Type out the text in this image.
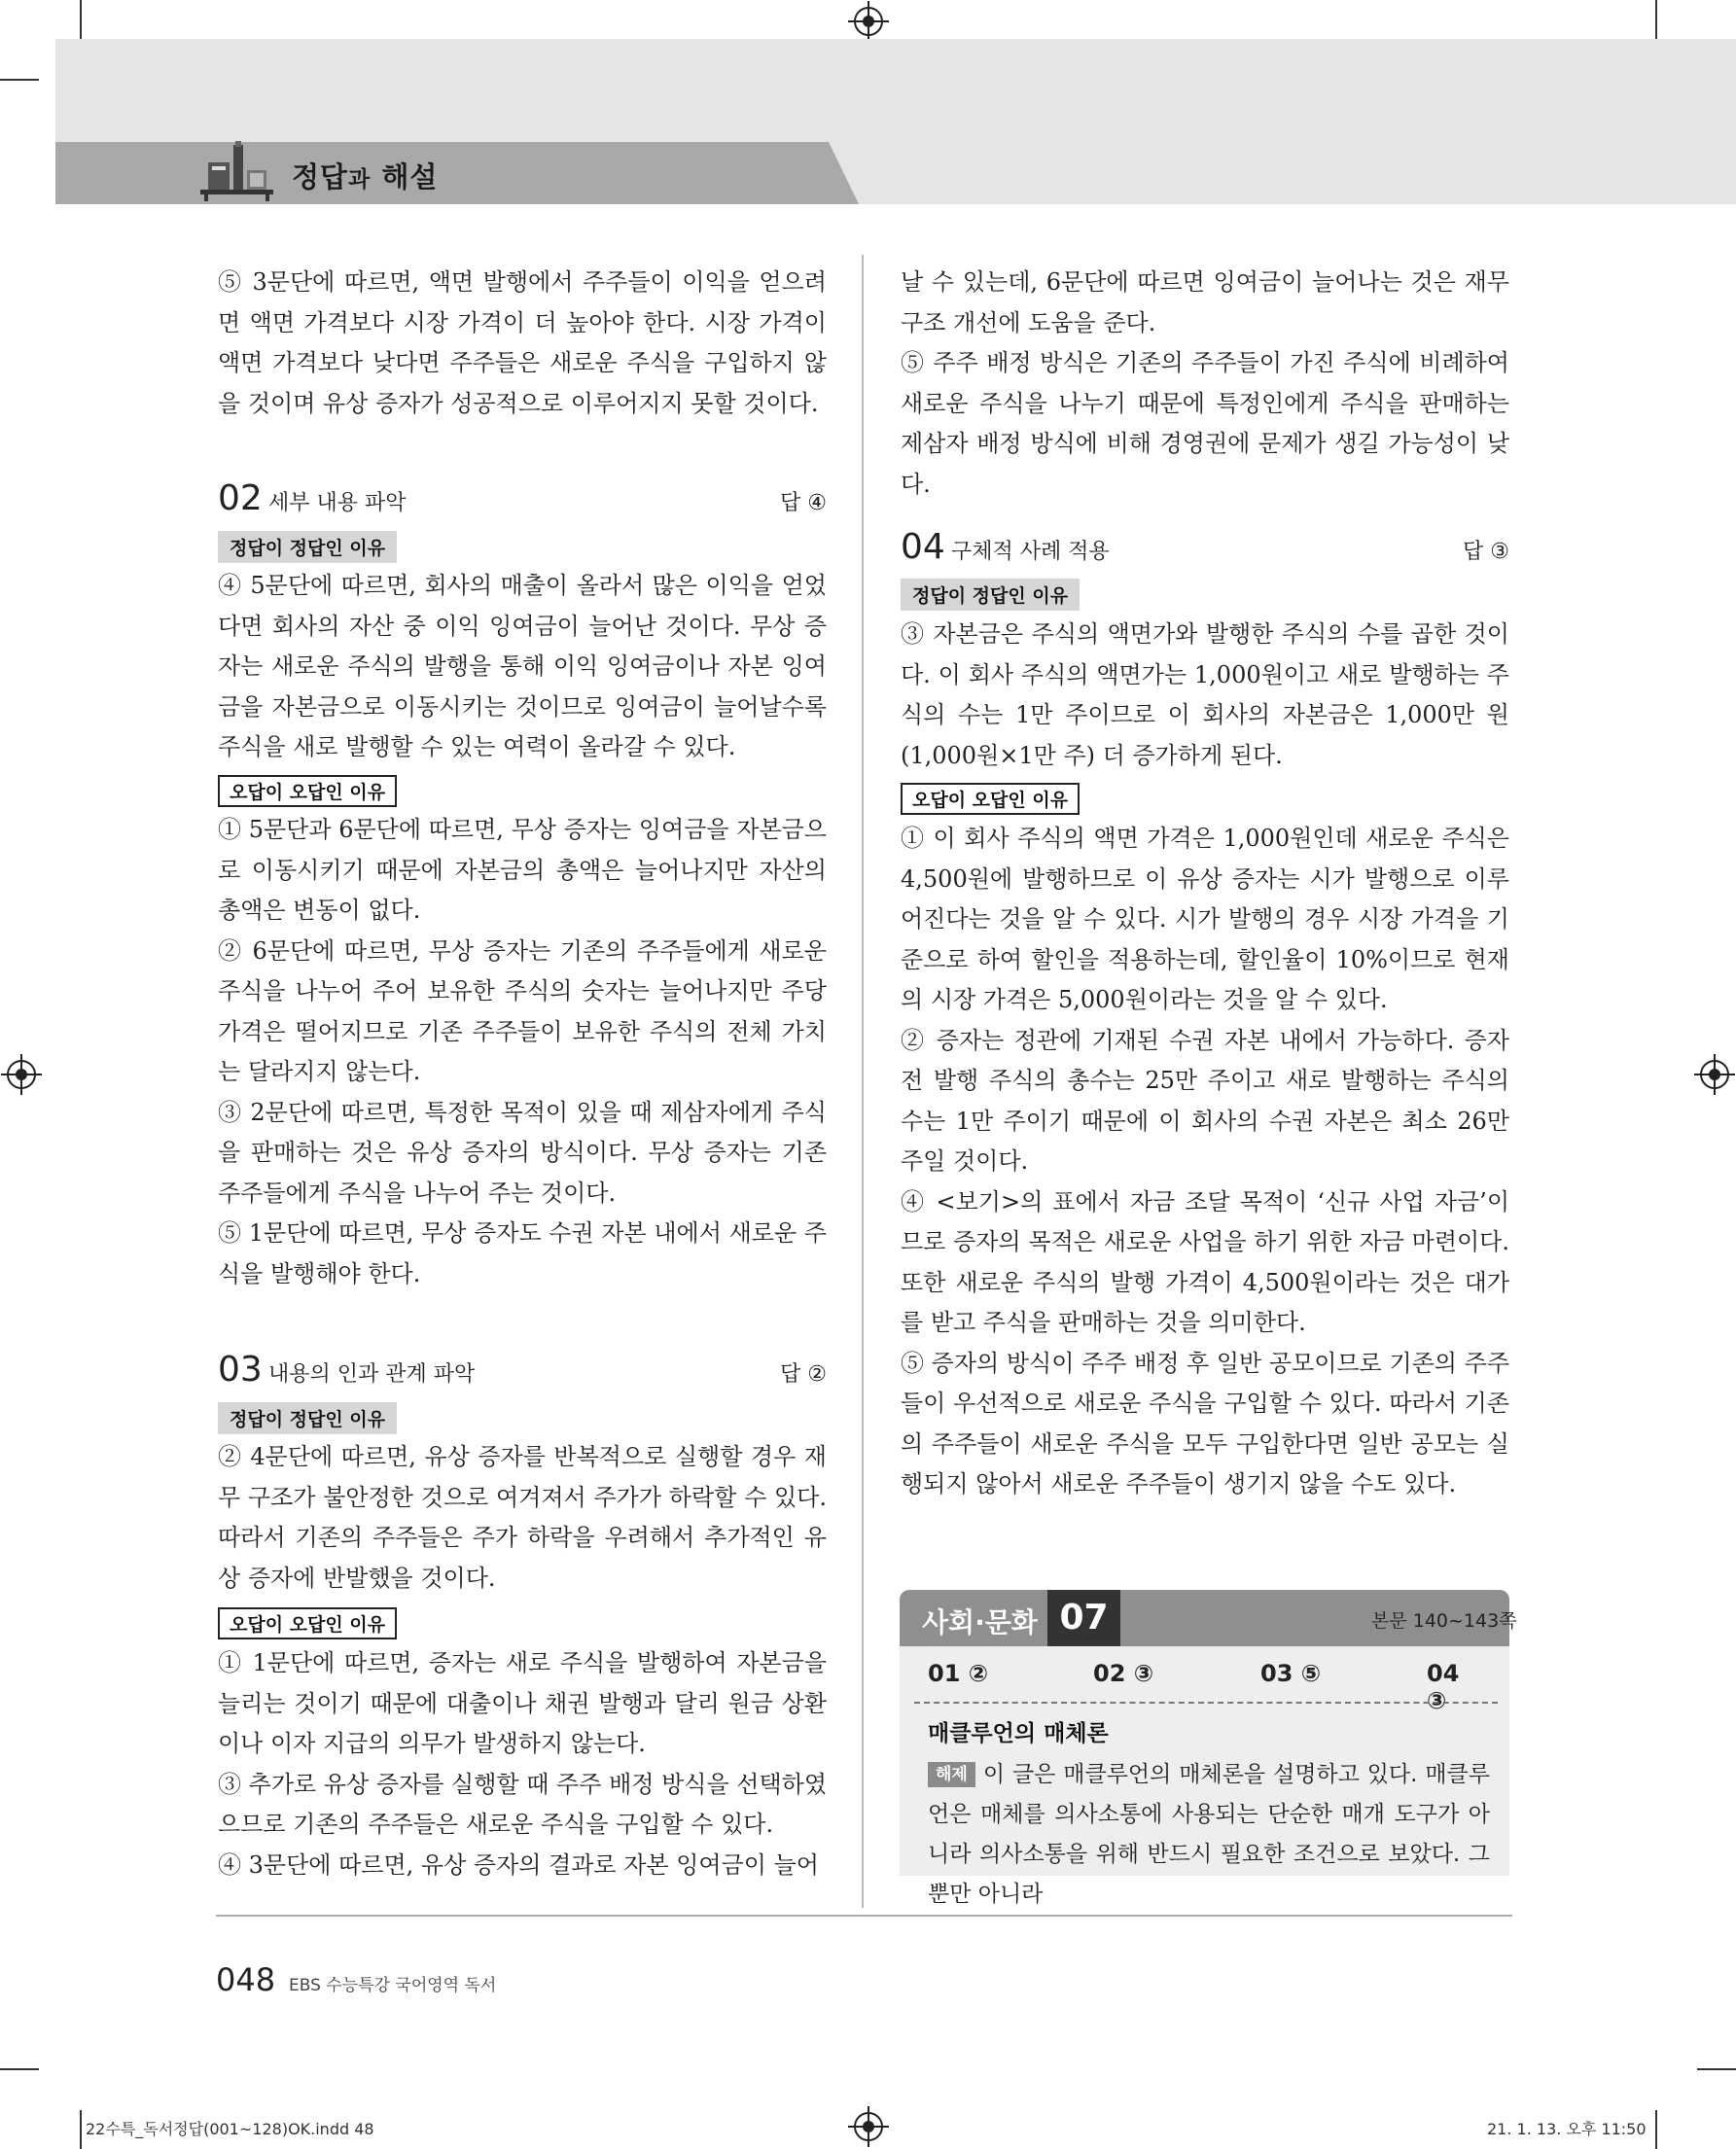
정답과 해설

⑤ 3문단에 따르면, 액면 발행에서 주주들이 이익을 얻으려면 액면 가격보다 시장 가격이 더 높아야 한다. 시장 가격이 액면 가격보다 낮다면 주주들은 새로운 주식을 구입하지 않을 것이며 유상 증자가 성공적으로 이루어지지 못할 것이다.

02 세부 내용 파악	답 ④
정답이 정답인 이유

④ 5문단에 따르면, 회사의 매출이 올라서 많은 이익을 얻었다면 회사의 자산 중 이익 잉여금이 늘어난 것이다. 무상 증자는 새로운 주식의 발행을 통해 이익 잉여금이나 자본 잉여금을 자본금으로 이동시키는 것이므로 잉여금이 늘어날수록 주식을 새로 발행할 수 있는 여력이 올라갈 수 있다.

오답이 오답인 이유

① 5문단과 6문단에 따르면, 무상 증자는 잉여금을 자본금으로 이동시키기 때문에 자본금의 총액은 늘어나지만 자산의 총액은 변동이 없다.

② 6문단에 따르면, 무상 증자는 기존의 주주들에게 새로운 주식을 나누어 주어 보유한 주식의 숫자는 늘어나지만 주당 가격은 떨어지므로 기존 주주들이 보유한 주식의 전체 가치는 달라지지 않는다.

③ 2문단에 따르면, 특정한 목적이 있을 때 제삼자에게 주식을 판매하는 것은 유상 증자의 방식이다. 무상 증자는 기존 주주들에게 주식을 나누어 주는 것이다.

⑤ 1문단에 따르면, 무상 증자도 수권 자본 내에서 새로운 주식을 발행해야 한다.

03 내용의 인과 관계 파악	답 ②
정답이 정답인 이유

② 4문단에 따르면, 유상 증자를 반복적으로 실행할 경우 재무 구조가 불안정한 것으로 여겨져서 주가가 하락할 수 있다. 따라서 기존의 주주들은 주가 하락을 우려해서 추가적인 유상 증자에 반발했을 것이다.

오답이 오답인 이유

① 1문단에 따르면, 증자는 새로 주식을 발행하여 자본금을 늘리는 것이기 때문에 대출이나 채권 발행과 달리 원금 상환이나 이자 지급의 의무가 발생하지 않는다.

③ 추가로 유상 증자를 실행할 때 주주 배정 방식을 선택하였으므로 기존의 주주들은 새로운 주식을 구입할 수 있다.

④ 3문단에 따르면, 유상 증자의 결과로 자본 잉여금이 늘어

날 수 있는데, 6문단에 따르면 잉여금이 늘어나는 것은 재무 구조 개선에 도움을 준다.

⑤ 주주 배정 방식은 기존의 주주들이 가진 주식에 비례하여 새로운 주식을 나누기 때문에 특정인에게 주식을 판매하는 제삼자 배정 방식에 비해 경영권에 문제가 생길 가능성이 낮다.

04 구체적 사례 적용	답 ③
정답이 정답인 이유

③ 자본금은 주식의 액면가와 발행한 주식의 수를 곱한 것이다. 이 회사 주식의 액면가는 1,000원이고 새로 발행하는 주식의 수는 1만 주이므로 이 회사의 자본금은 1,000만 원(1,000원×1만 주) 더 증가하게 된다.

오답이 오답인 이유

① 이 회사 주식의 액면 가격은 1,000원인데 새로운 주식은 4,500원에 발행하므로 이 유상 증자는 시가 발행으로 이루어진다는 것을 알 수 있다. 시가 발행의 경우 시장 가격을 기준으로 하여 할인을 적용하는데, 할인율이 10%이므로 현재의 시장 가격은 5,000원이라는 것을 알 수 있다.

② 증자는 정관에 기재된 수권 자본 내에서 가능하다. 증자 전 발행 주식의 총수는 25만 주이고 새로 발행하는 주식의 수는 1만 주이기 때문에 이 회사의 수권 자본은 최소 26만 주일 것이다.

④ <보기>의 표에서 자금 조달 목적이 ‘신규 사업 자금’이므로 증자의 목적은 새로운 사업을 하기 위한 자금 마련이다. 또한 새로운 주식의 발행 가격이 4,500원이라는 것은 대가를 받고 주식을 판매하는 것을 의미한다.

⑤ 증자의 방식이 주주 배정 후 일반 공모이므로 기존의 주주들이 우선적으로 새로운 주식을 구입할 수 있다. 따라서 기존의 주주들이 새로운 주식을 모두 구입한다면 일반 공모는 실행되지 않아서 새로운 주주들이 생기지 않을 수도 있다.

사회·문화 07	본문 140~143쪽
01 ②	02 ③	03 ⑤	04 ③
매클루언의 매체론
해제 이 글은 매클루언의 매체론을 설명하고 있다. 매클루언은 매체를 의사소통에 사용되는 단순한 매개 도구가 아니라 의사소통을 위해 반드시 필요한 조건으로 보았다. 그뿐만 아니라
048 EBS 수능특강 국어영역 독서
22수특_독서정답(001~128)OK.indd 48	21. 1. 13. 오후 11:50
